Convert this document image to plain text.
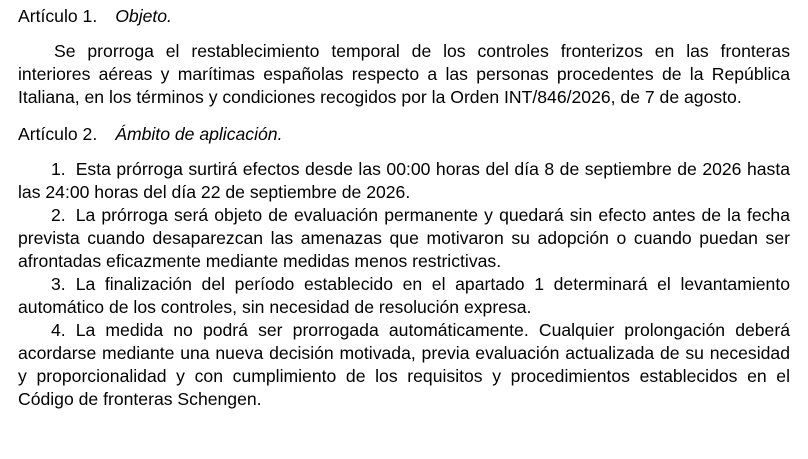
Artículo 1. Objeto.

Se prorroga el restablecimiento temporal de los controles fronterizos en las fronteras interiores aéreas y marítimas españolas respecto a las personas procedentes de la República Italiana, en los términos y condiciones recogidos por la Orden INT/846/2026, de 7 de agosto.

Artículo 2. Ámbito de aplicación.

1. Esta prórroga surtirá efectos desde las 00:00 horas del día 8 de septiembre de 2026 hasta las 24:00 horas del día 22 de septiembre de 2026.

2. La prórroga será objeto de evaluación permanente y quedará sin efecto antes de la fecha prevista cuando desaparezcan las amenazas que motivaron su adopción o cuando puedan ser afrontadas eficazmente mediante medidas menos restrictivas.

3. La finalización del período establecido en el apartado 1 determinará el levantamiento automático de los controles, sin necesidad de resolución expresa.

4. La medida no podrá ser prorrogada automáticamente. Cualquier prolongación deberá acordarse mediante una nueva decisión motivada, previa evaluación actualizada de su necesidad y proporcionalidad y con cumplimiento de los requisitos y procedimientos establecidos en el Código de fronteras Schengen.
